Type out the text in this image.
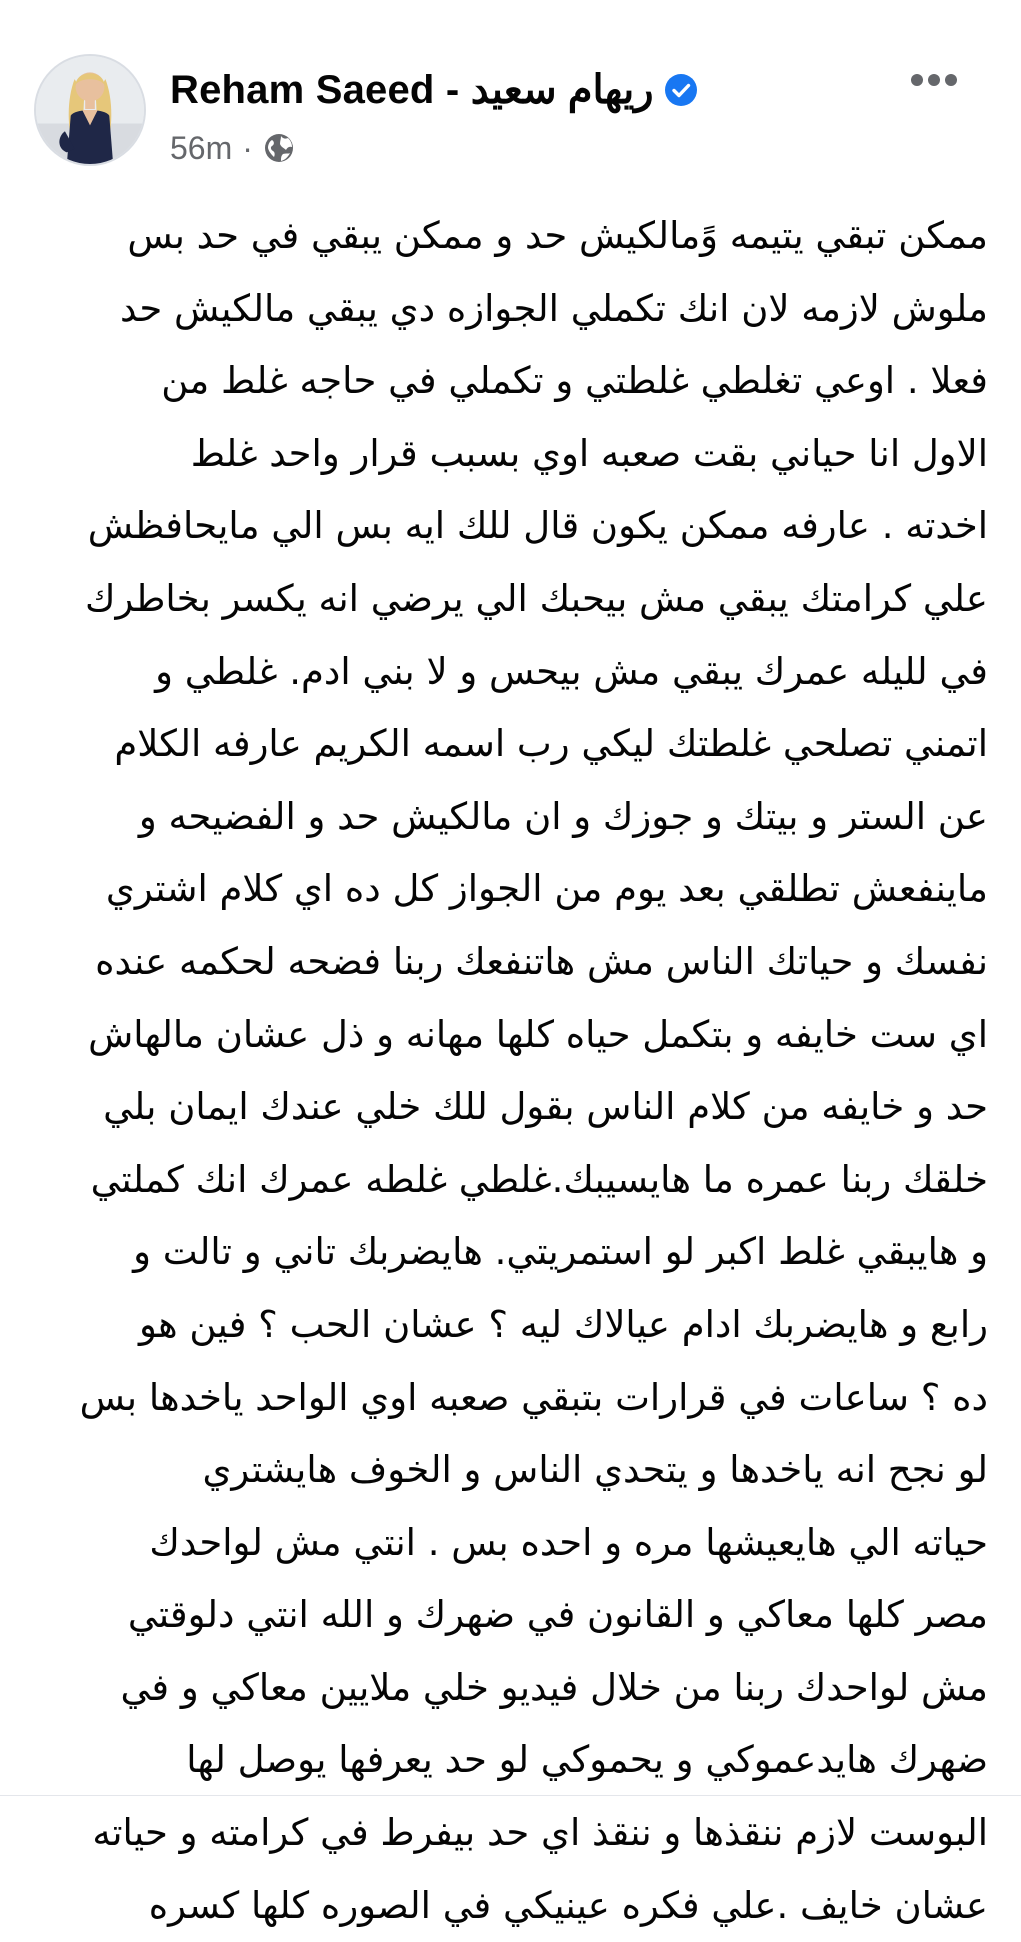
Reham Saeed - ريهام سعيد
56m ·
ممكن تبقي يتيمه وًمالكيش حد و ممكن يبقي في حد بس
ملوش لازمه لان انك تكملي الجوازه دي يبقي مالكيش حد
فعلا . اوعي تغلطي غلطتي و تكملي في حاجه غلط من
الاول انا حياني بقت صعبه اوي بسبب قرار واحد غلط
اخدته . عارفه ممكن يكون قال للك ايه بس الي مايحافظش
علي كرامتك يبقي مش بيحبك الي يرضي انه يكسر بخاطرك
في لليله عمرك يبقي مش بيحس و لا بني ادم. غلطي و
اتمني تصلحي غلطتك ليكي رب اسمه الكريم عارفه الكلام
عن الستر و بيتك و جوزك و ان مالكيش حد و الفضيحه و
ماينفعش تطلقي بعد يوم من الجواز كل ده اي كلام اشتري
نفسك و حياتك الناس مش هاتنفعك ربنا فضحه لحكمه عنده
اي ست خايفه و بتكمل حياه كلها مهانه و ذل عشان مالهاش
حد و خايفه من كلام الناس بقول للك خلي عندك ايمان بلي
خلقك ربنا عمره ما هايسيبك.غلطي غلطه عمرك انك كملتي
و هايبقي غلط اكبر لو استمريتي. هايضربك تاني و تالت و
رابع و هايضربك ادام عيالاك ليه ؟ عشان الحب ؟ فين هو
ده ؟ ساعات في قرارات بتبقي صعبه اوي الواحد ياخدها بس
لو نجح انه ياخدها و يتحدي الناس و الخوف هايشتري
حياته الي هايعيشها مره و احده بس . انتي مش لواحدك
مصر كلها معاكي و القانون في ضهرك و الله انتي دلوقتي
مش لواحدك ربنا من خلال فيديو خلي ملايين معاكي و في
ضهرك هايدعموكي و يحموكي لو حد يعرفها يوصل لها
البوست لازم ننقذها و ننقذ اي حد بيفرط في كرامته و حياته
عشان خايف .علي فكره عينيكي في الصوره كلها كسره
